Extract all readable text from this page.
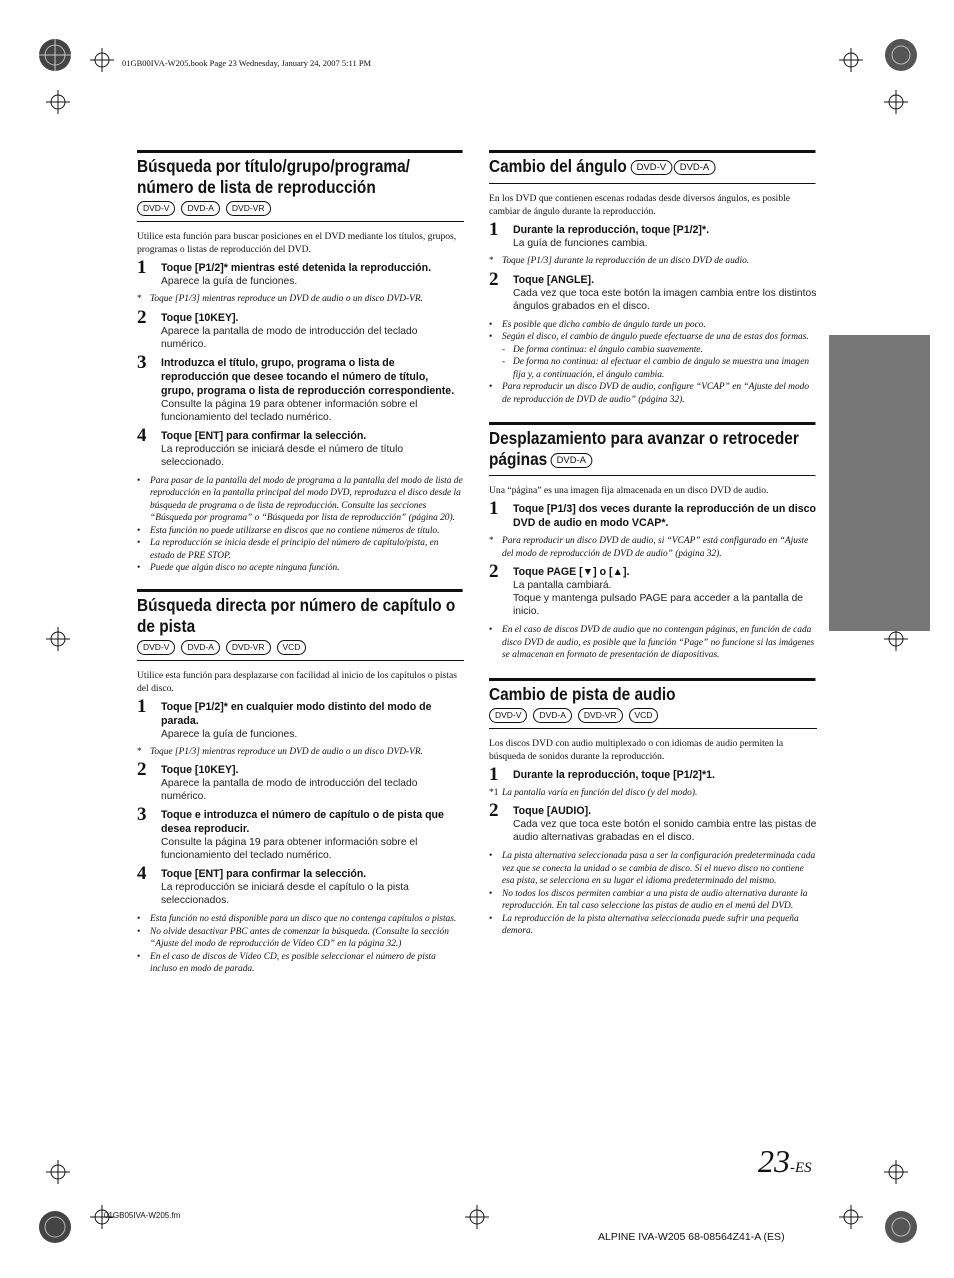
01GB00IVA-W205.book Page 23 Wednesday, January 24, 2007 5:11 PM
Búsqueda por título/grupo/programa/ número de lista de reproducción
DVD-V	DVD-A	DVD-VR

Utilice esta función para buscar posiciones en el DVD mediante los títulos, grupos, programas o listas de reproducción del DVD.

1 Toque [P1/2]* mientras esté detenida la reproducción.
Aparece la guía de funciones.
* Toque [P1/3] mientras reproduce un DVD de audio o un disco DVD-VR.
2 Toque [10KEY].
Aparece la pantalla de modo de introducción del teclado numérico.
3 Introduzca el título, grupo, programa o lista de reproducción que desee tocando el número de título, grupo, programa o lista de reproducción correspondiente.
Consulte la página 19 para obtener información sobre el funcionamiento del teclado numérico.
4 Toque [ENT] para confirmar la selección.
La reproducción se iniciará desde el número de título seleccionado.
• Para pasar de la pantalla del modo de programa a la pantalla del modo de lista de reproducción en la pantalla principal del modo DVD, reproduzca el disco desde la búsqueda de programa o de lista de reproducción. Consulte las secciones “Búsqueda por programa” o “Búsqueda por lista de reproducción” (página 20).
• Esta función no puede utilizarse en discos que no contiene números de título.
• La reproducción se inicia desde el principio del número de capítulo/pista, en estado de PRE STOP.
• Puede que algún disco no acepte ninguna función.
Búsqueda directa por número de capítulo o de pista
DVD-V	DVD-A	DVD-VR	VCD

Utilice esta función para desplazarse con facilidad al inicio de los capítulos o pistas del disco.

1 Toque [P1/2]* en cualquier modo distinto del modo de parada.
Aparece la guía de funciones.
* Toque [P1/3] mientras reproduce un DVD de audio o un disco DVD-VR.
2 Toque [10KEY].
Aparece la pantalla de modo de introducción del teclado numérico.
3 Toque e introduzca el número de capítulo o de pista que desea reproducir.
Consulte la página 19 para obtener información sobre el funcionamiento del teclado numérico.
4 Toque [ENT] para confirmar la selección.
La reproducción se iniciará desde el capítulo o la pista seleccionados.
• Esta función no está disponible para un disco que no contenga capítulos o pistas.
• No olvide desactivar PBC antes de comenzar la búsqueda. (Consulte la sección “Ajuste del modo de reproducción de Vídeo CD” en la página 32.)
• En el caso de discos de Vídeo CD, es posible seleccionar el número de pista incluso en modo de parada.
Cambio del ángulo DVD-V DVD-A

En los DVD que contienen escenas rodadas desde diversos ángulos, es posible cambiar de ángulo durante la reproducción.

1 Durante la reproducción, toque [P1/2]*.
La guía de funciones cambia.
* Toque [P1/3] durante la reproducción de un disco DVD de audio.
2 Toque [ANGLE].
Cada vez que toca este botón la imagen cambia entre los distintos ángulos grabados en el disco.
• Es posible que dicho cambio de ángulo tarde un poco.
• Según el disco, el cambio de ángulo puede efectuarse de una de estas dos formas.
- De forma continua: el ángulo cambia suavemente.
- De forma no continua: al efectuar el cambio de ángulo se muestra una imagen fija y, a continuación, el ángulo cambia.
• Para reproducir un disco DVD de audio, configure “VCAP” en “Ajuste del modo de reproducción de DVD de audio” (página 32).
Desplazamiento para avanzar o retroceder páginas DVD-A

Una “página” es una imagen fija almacenada en un disco DVD de audio.

1 Toque [P1/3] dos veces durante la reproducción de un disco DVD de audio en modo VCAP*.
* Para reproducir un disco DVD de audio, si “VCAP” está configurado en “Ajuste del modo de reproducción de DVD de audio” (página 32).
2 Toque PAGE [▼] o [▲].
La pantalla cambiará.
Toque y mantenga pulsado PAGE para acceder a la pantalla de inicio.
• En el caso de discos DVD de audio que no contengan páginas, en función de cada disco DVD de audio, es posible que la función “Page” no funcione si las imágenes se almacenan en formato de presentación de diapositivas.
Cambio de pista de audio
DVD-V	DVD-A	DVD-VR	VCD

Los discos DVD con audio multiplexado o con idiomas de audio permiten la búsqueda de sonidos durante la reproducción.

1 Durante la reproducción, toque [P1/2]*1.
*1 La pantalla varía en función del disco (y del modo).
2 Toque [AUDIO].
Cada vez que toca este botón el sonido cambia entre las pistas de audio alternativas grabadas en el disco.
• La pista alternativa seleccionada pasa a ser la configuración predeterminada cada vez que se conecta la unidad o se cambia de disco. Si el nuevo disco no contiene esa pista, se selecciona en su lugar el idioma predeterminado del mismo.
• No todos los discos permiten cambiar a una pista de audio alternativa durante la reproducción. En tal caso seleccione las pistas de audio en el menú del DVD.
• La reproducción de la pista alternativa seleccionada puede sufrir una pequeña demora.
23-ES
01GB05IVA-W205.fm
ALPINE IVA-W205 68-08564Z41-A (ES)
